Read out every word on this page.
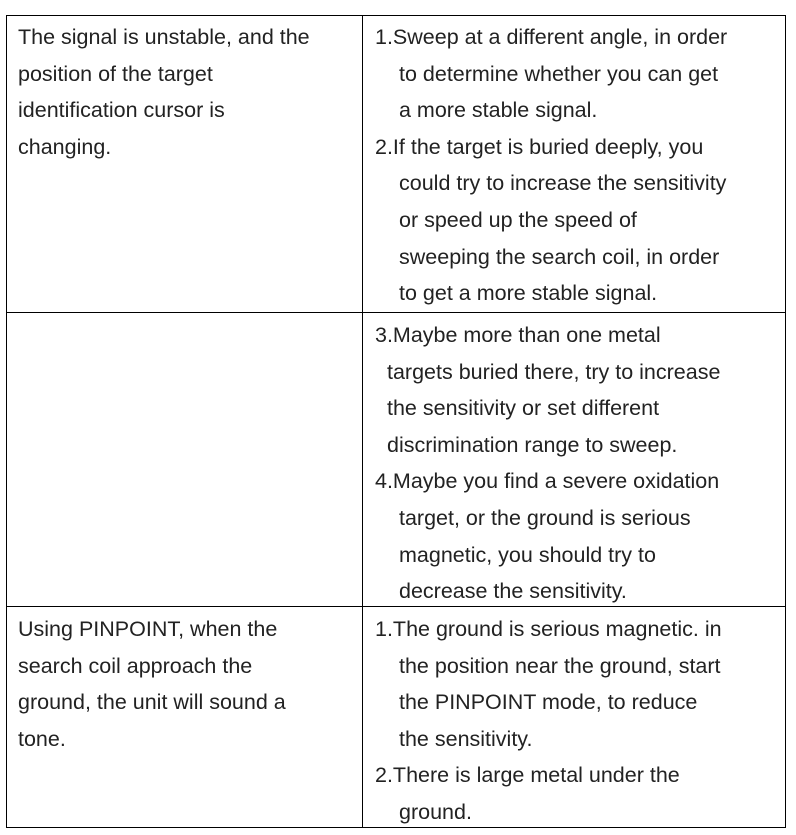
The signal is unstable, and the
position of the target
identification cursor is
changing.
1.Sweep at a different angle, in order
to determine whether you can get
a more stable signal.
2.If the target is buried deeply, you
could try to increase the sensitivity
or speed up the speed of
sweeping the search coil, in order
to get a more stable signal.
3.Maybe more than one metal
targets buried there, try to increase
the sensitivity or set different
discrimination range to sweep.
4.Maybe you find a severe oxidation
target, or the ground is serious
magnetic, you should try to
decrease the sensitivity.
Using PINPOINT, when the
search coil approach the
ground, the unit will sound a
tone.
1.The ground is serious magnetic. in
the position near the ground, start
the PINPOINT mode, to reduce
the sensitivity.
2.There is large metal under the
ground.
